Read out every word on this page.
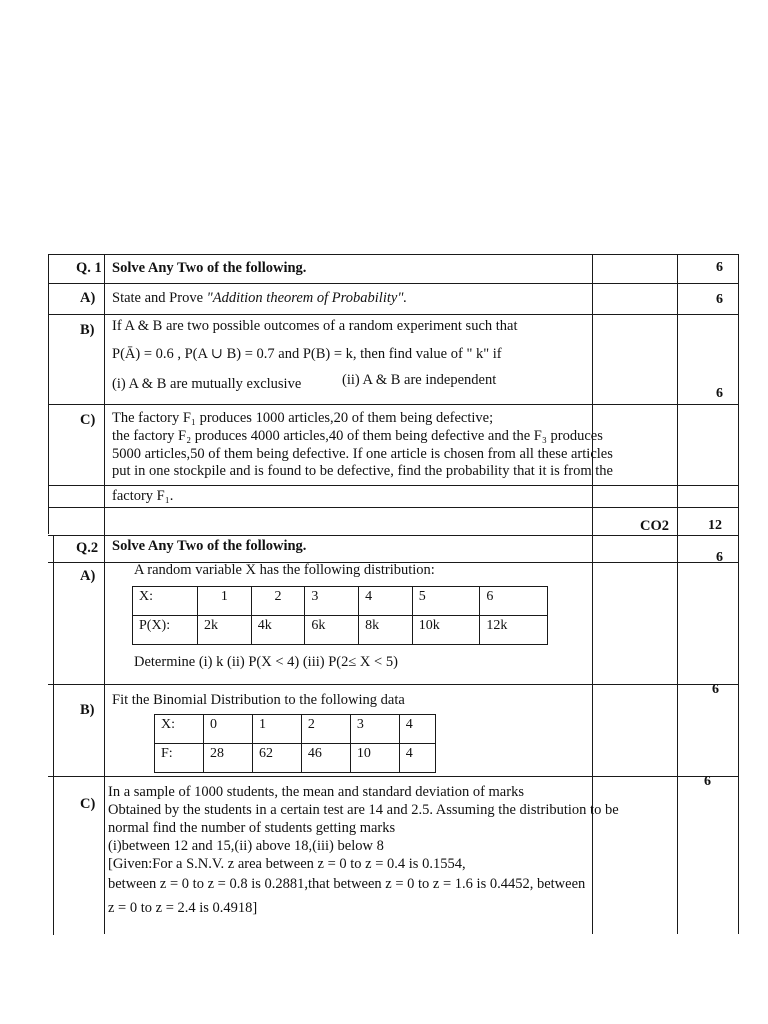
Q. 1 Solve Any Two of the following.	6
A) State and Prove "Addition theorem of Probability".	6
B) If A & B are two possible outcomes of a random experiment such that
P(Ā) = 0.6 , P(A ∪ B) = 0.7 and P(B) = k, then find value of " k" if
(i) A & B are mutually exclusive	(ii) A & B are independent
6
C) The factory F₁ produces 1000 articles,20 of them being defective;
the factory F₂ produces 4000 articles,40 of them being defective and the F₃ produces
5000 articles,50 of them being defective. If one article is chosen from all these articles
put in one stockpile and is found to be defective, find the probability that it is from the
factory F₁.
CO2	12
Q.2 Solve Any Two of the following.
6
A)	A random variable X has the following distribution:
X:	1	2	3	4	5	6
P(X):	2k	4k	6k	8k	10k	12k
Determine (i) k (ii) P(X < 4) (iii) P(2≤ X < 5)
6
B)
Fit the Binomial Distribution to the following data
X:	0	1	2	3	4
F:	28	62	46	10	4
6
C)
In a sample of 1000 students, the mean and standard deviation of marks
Obtained by the students in a certain test are 14 and 2.5. Assuming the distribution to be
normal find the number of students getting marks
(i)between 12 and 15,(ii) above 18,(iii) below 8
[Given:For a S.N.V. z area between z = 0 to z = 0.4 is 0.1554,
between z = 0 to z = 0.8 is 0.2881,that between z = 0 to z = 1.6 is 0.4452, between
z = 0 to z = 2.4 is 0.4918]
